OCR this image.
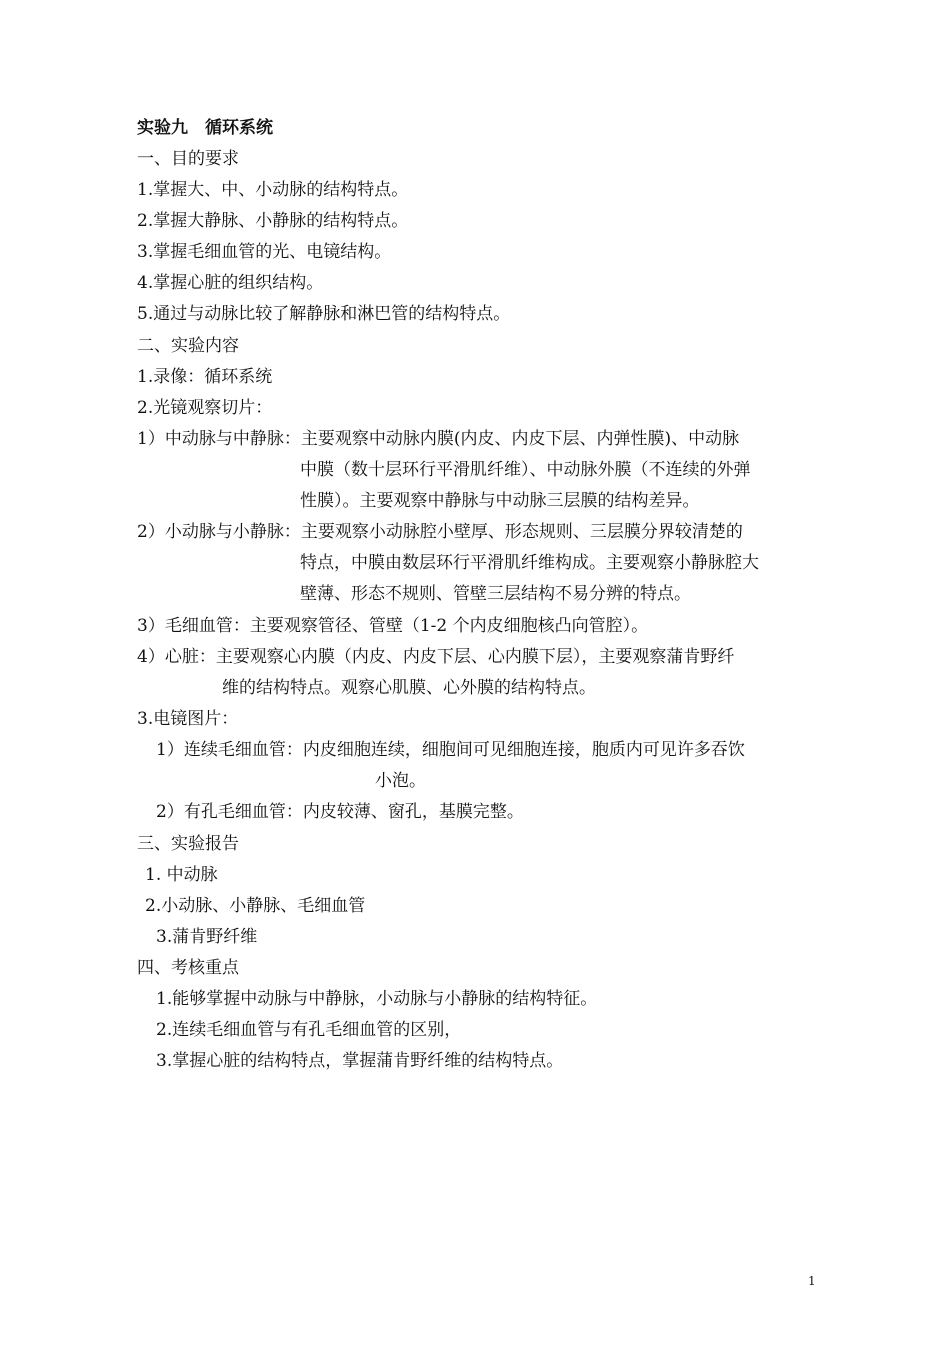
实验九　循环系统
一、目的要求
1.掌握大、中、小动脉的结构特点。
2.掌握大静脉、小静脉的结构特点。
3.掌握毛细血管的光、电镜结构。
4.掌握心脏的组织结构。
5.通过与动脉比较了解静脉和淋巴管的结构特点。
二、实验内容
1.录像：循环系统
2.光镜观察切片：
1）中动脉与中静脉：主要观察中动脉内膜(内皮、内皮下层、内弹性膜)、中动脉
中膜（数十层环行平滑肌纤维）、中动脉外膜（不连续的外弹
性膜）。主要观察中静脉与中动脉三层膜的结构差异。
2）小动脉与小静脉：主要观察小动脉腔小壁厚、形态规则、三层膜分界较清楚的
特点，中膜由数层环行平滑肌纤维构成。主要观察小静脉腔大
壁薄、形态不规则、管壁三层结构不易分辨的特点。
3）毛细血管：主要观察管径、管壁（1-2 个内皮细胞核凸向管腔）。
4）心脏：主要观察心内膜（内皮、内皮下层、心内膜下层），主要观察蒲肯野纤
维的结构特点。观察心肌膜、心外膜的结构特点。
3.电镜图片：
1）连续毛细血管：内皮细胞连续，细胞间可见细胞连接，胞质内可见许多吞饮
小泡。
2）有孔毛细血管：内皮较薄、窗孔，基膜完整。
三、实验报告
1. 中动脉
2.小动脉、小静脉、毛细血管
3.蒲肯野纤维
四、考核重点
1.能够掌握中动脉与中静脉，小动脉与小静脉的结构特征。
2.连续毛细血管与有孔毛细血管的区别，
3.掌握心脏的结构特点，掌握蒲肯野纤维的结构特点。
1
